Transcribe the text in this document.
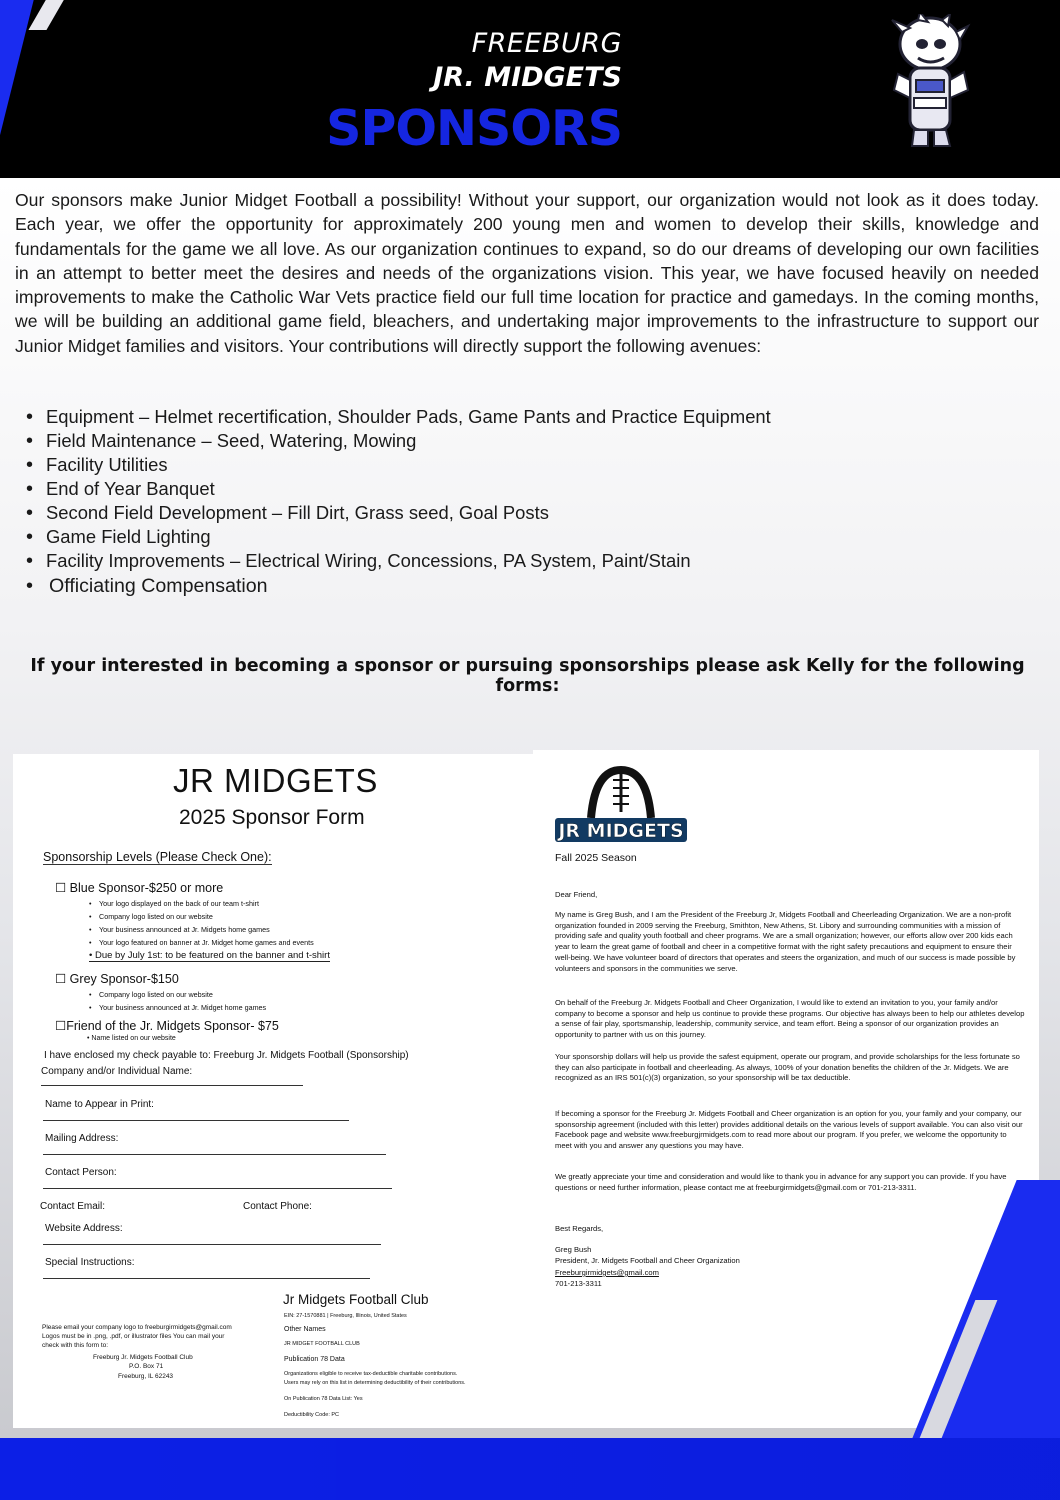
FREEBURG
JR. MIDGETS
SPONSORS

Our sponsors make Junior Midget Football a possibility! Without your support, our organization would not look as it does today. Each year, we offer the opportunity for approximately 200 young men and women to develop their skills, knowledge and fundamentals for the game we all love. As our organization continues to expand, so do our dreams of developing our own facilities in an attempt to better meet the desires and needs of the organizations vision. This year, we have focused heavily on needed improvements to make the Catholic War Vets practice field our full time location for practice and gamedays. In the coming months, we will be building an additional game field, bleachers, and undertaking major improvements to the infrastructure to support our Junior Midget families and visitors. Your contributions will directly support the following avenues:

• Equipment – Helmet recertification, Shoulder Pads, Game Pants and Practice Equipment
• Field Maintenance – Seed, Watering, Mowing
• Facility Utilities
• End of Year Banquet
• Second Field Development – Fill Dirt, Grass seed, Goal Posts
• Game Field Lighting
• Facility Improvements – Electrical Wiring, Concessions, PA System, Paint/Stain
• Officiating Compensation
If your interested in becoming a sponsor or pursuing sponsorships please ask Kelly for the following forms:
JR MIDGETS
2025 Sponsor Form
Sponsorship Levels (Please Check One):
☐ Blue Sponsor-$250 or more
• Your logo displayed on the back of our team t-shirt
• Company logo listed on our website
• Your business announced at Jr. Midgets home games
• Your logo featured on banner at Jr. Midget home games and events
• Due by July 1st: to be featured on the banner and t-shirt
☐ Grey Sponsor-$150
• Company logo listed on our website
• Your business announced at Jr. Midget home games
☐Friend of the Jr. Midgets Sponsor- $75
• Name listed on our website
I have enclosed my check payable to: Freeburg Jr. Midgets Football (Sponsorship)
Company and/or Individual Name:
Name to Appear in Print:
Mailing Address:
Contact Person:
Contact Email:	Contact Phone:
Website Address:
Special Instructions:
Please email your company logo to freeburgirmidgets@gmail.com
Logos must be in .png, .pdf, or illustrator files You can mail your
check with this form to:
Freeburg Jr. Midgets Football Club
P.O. Box 71
Freeburg, IL 62243
Jr Midgets Football Club
EIN: 27-1570881 | Freeburg, Illinois, United States
Other Names
JR MIDGET FOOTBALL CLUB
Publication 78 Data
Organizations eligible to receive tax-deductible charitable contributions.
Users may rely on this list in determining deductibility of their contributions.
On Publication 78 Data List: Yes
Deductibility Code: PC
JR MIDGETS
Fall 2025 Season
Dear Friend,

My name is Greg Bush, and I am the President of the Freeburg Jr, Midgets Football and Cheerleading Organization. We are a non-profit organization founded in 2009 serving the Freeburg, Smithton, New Athens, St. Libory and surrounding communities with a mission of providing safe and quality youth football and cheer programs. We are a small organization; however, our efforts allow over 200 kids each year to learn the great game of football and cheer in a competitive format with the right safety precautions and equipment to ensure their well-being. We have volunteer board of directors that operates and steers the organization, and much of our success is made possible by volunteers and sponsors in the communities we serve.

On behalf of the Freeburg Jr. Midgets Football and Cheer Organization, I would like to extend an invitation to you, your family and/or company to become a sponsor and help us continue to provide these programs. Our objective has always been to help our athletes develop a sense of fair play, sportsmanship, leadership, community service, and team effort. Being a sponsor of our organization provides an opportunity to partner with us on this journey.

Your sponsorship dollars will help us provide the safest equipment, operate our program, and provide scholarships for the less fortunate so they can also participate in football and cheerleading. As always, 100% of your donation benefits the children of the Jr. Midgets. We are recognized as an IRS 501(c)(3) organization, so your sponsorship will be tax deductible.

If becoming a sponsor for the Freeburg Jr. Midgets Football and Cheer organization is an option for you, your family and your company, our sponsorship agreement (included with this letter) provides additional details on the various levels of support available. You can also visit our Facebook page and website www.freeburgjrmidgets.com to read more about our program. If you prefer, we welcome the opportunity to meet with you and answer any questions you may have.

We greatly appreciate your time and consideration and would like to thank you in advance for any support you can provide. If you have questions or need further information, please contact me at freeburgirmidgets@gmail.com or 701-213-3311.

Best Regards,
Greg Bush
President, Jr. Midgets Football and Cheer Organization
Freeburgirmidgets@gmail.com
701-213-3311
